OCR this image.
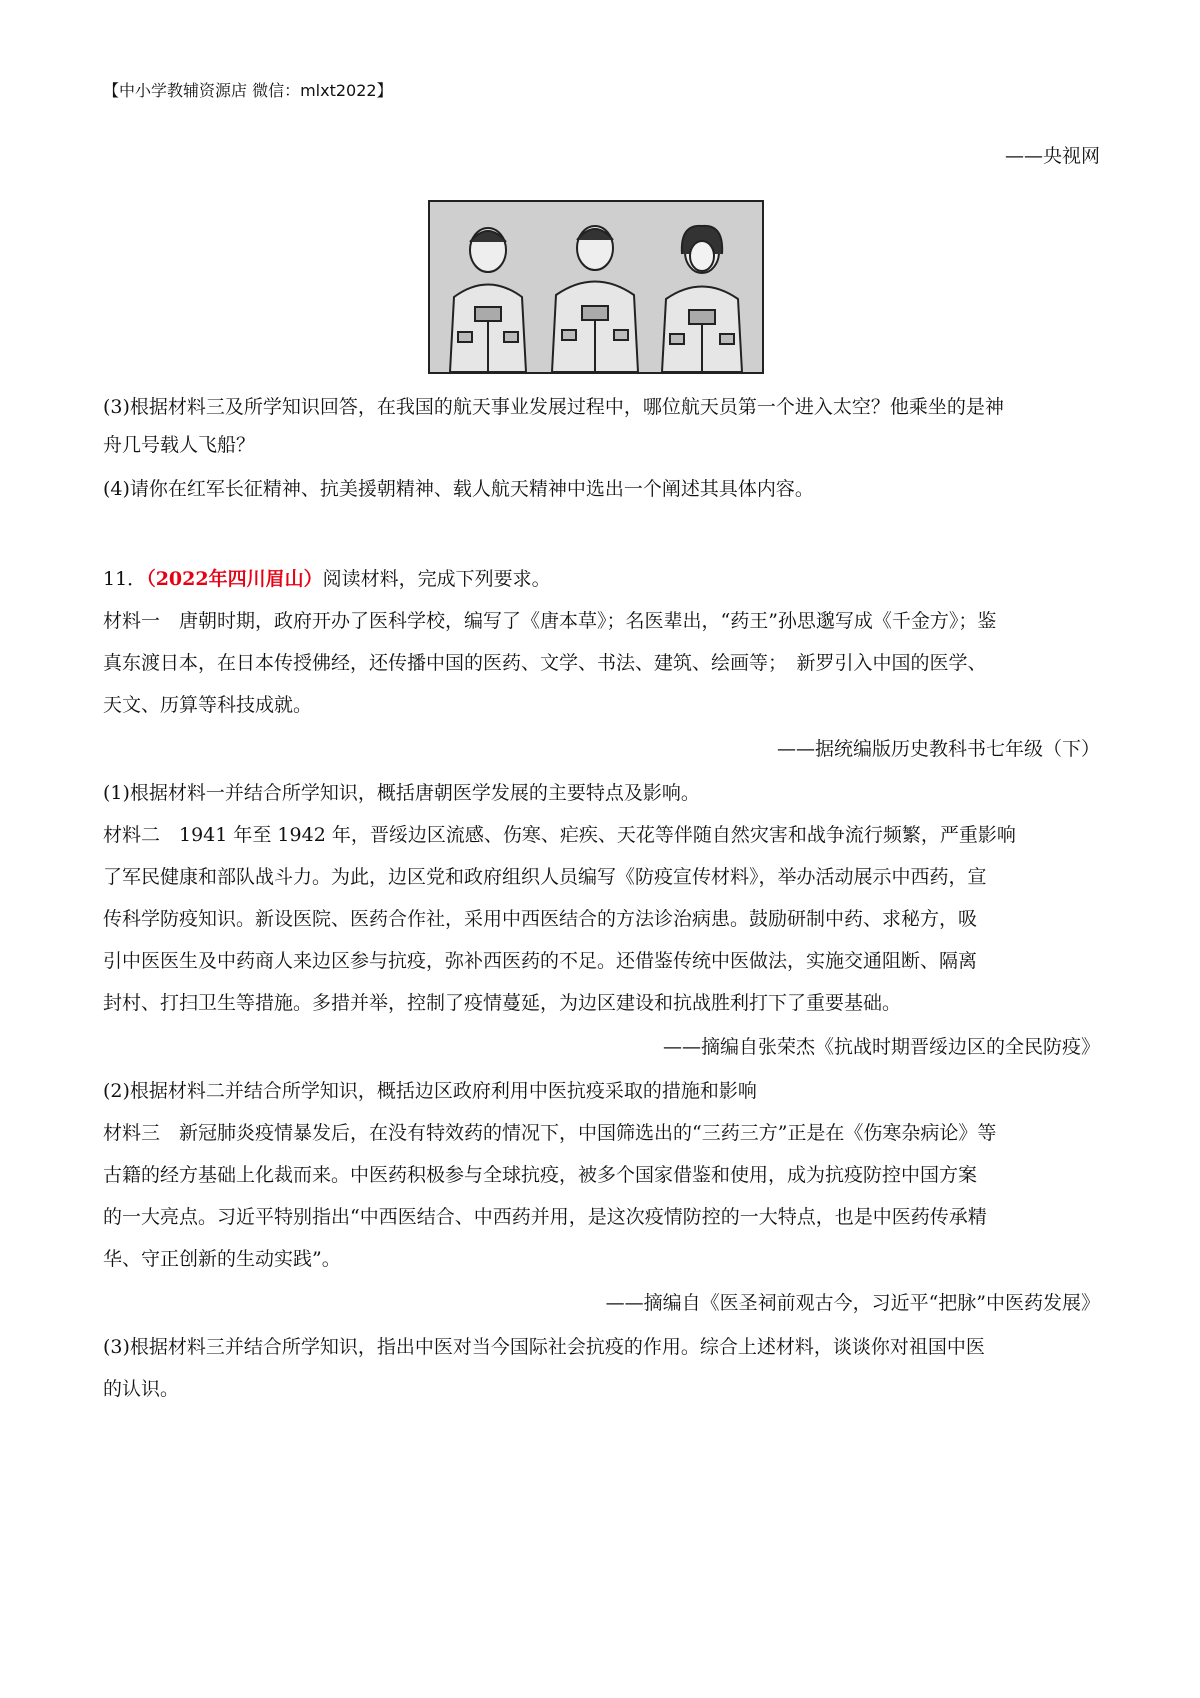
【中小学教辅资源店 微信：mlxt2022】
——央视网
(3)根据材料三及所学知识回答，在我国的航天事业发展过程中，哪位航天员第一个进入太空？他乘坐的是神
舟几号载人飞船？
(4)请你在红军长征精神、抗美援朝精神、载人航天精神中选出一个阐述其具体内容。
11．（2022年四川眉山）阅读材料，完成下列要求。
材料一　唐朝时期，政府开办了医科学校，编写了《唐本草》；名医辈出，“药王”孙思邈写成《千金方》；鉴
真东渡日本，在日本传授佛经，还传播中国的医药、文学、书法、建筑、绘画等；　新罗引入中国的医学、
天文、历算等科技成就。
——据统编版历史教科书七年级（下）
(1)根据材料一并结合所学知识，概括唐朝医学发展的主要特点及影响。
材料二　1941 年至 1942 年，晋绥边区流感、伤寒、疟疾、天花等伴随自然灾害和战争流行频繁，严重影响
了军民健康和部队战斗力。为此，边区党和政府组织人员编写《防疫宣传材料》，举办活动展示中西药，宣
传科学防疫知识。新设医院、医药合作社，采用中西医结合的方法诊治病患。鼓励研制中药、求秘方，吸
引中医医生及中药商人来边区参与抗疫，弥补西医药的不足。还借鉴传统中医做法，实施交通阻断、隔离
封村、打扫卫生等措施。多措并举，控制了疫情蔓延，为边区建设和抗战胜利打下了重要基础。
——摘编自张荣杰《抗战时期晋绥边区的全民防疫》
(2)根据材料二并结合所学知识，概括边区政府利用中医抗疫采取的措施和影响
材料三　新冠肺炎疫情暴发后，在没有特效药的情况下，中国筛选出的“三药三方”正是在《伤寒杂病论》等
古籍的经方基础上化裁而来。中医药积极参与全球抗疫，被多个国家借鉴和使用，成为抗疫防控中国方案
的一大亮点。习近平特别指出“中西医结合、中西药并用，是这次疫情防控的一大特点，也是中医药传承精
华、守正创新的生动实践”。
——摘编自《医圣祠前观古今，习近平“把脉”中医药发展》
(3)根据材料三并结合所学知识，指出中医对当今国际社会抗疫的作用。综合上述材料，谈谈你对祖国中医
的认识。
